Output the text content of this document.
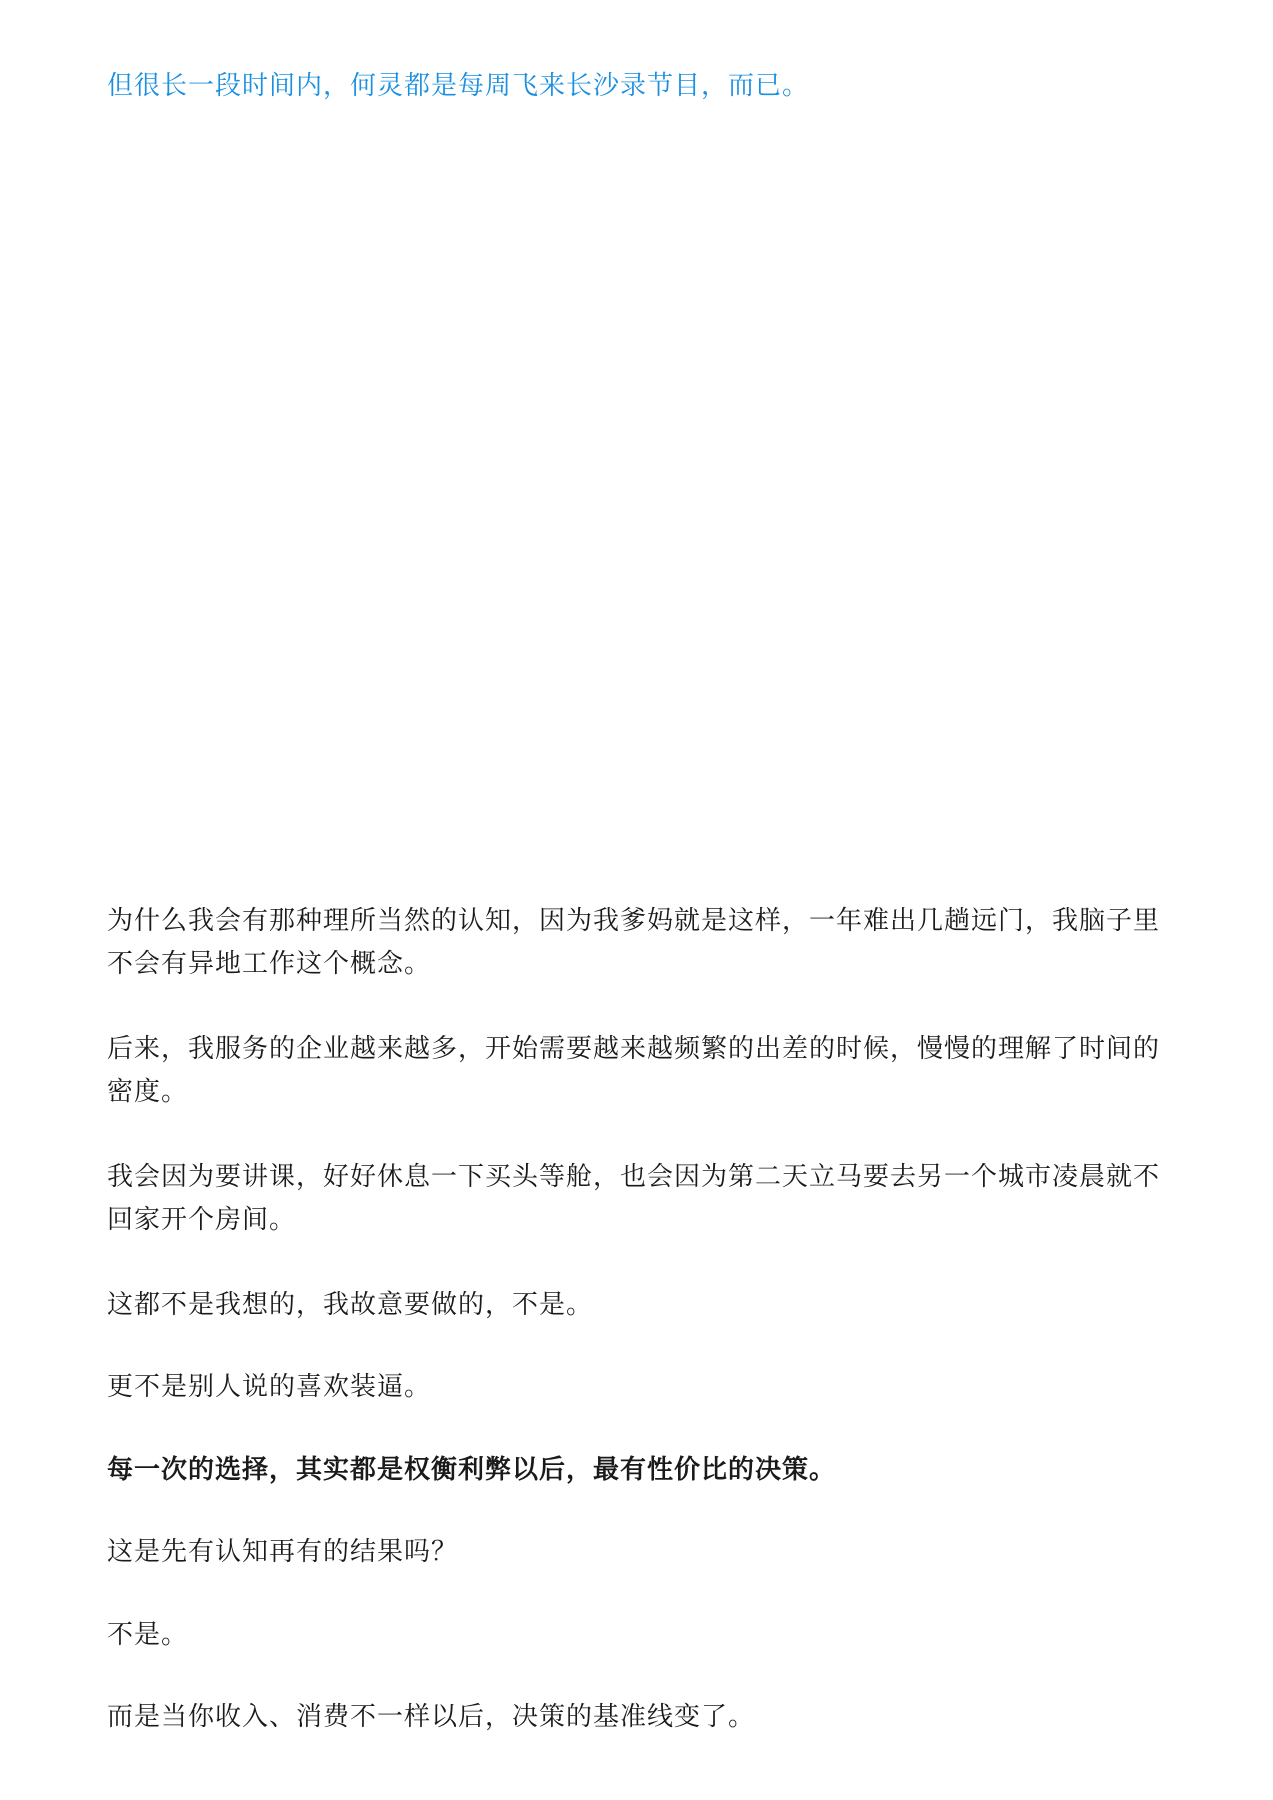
但很长一段时间内，何灵都是每周飞来长沙录节目，而已。

为什么我会有那种理所当然的认知，因为我爹妈就是这样，一年难出几趟远门，我脑子里不会有异地工作这个概念。

后来，我服务的企业越来越多，开始需要越来越频繁的出差的时候，慢慢的理解了时间的密度。

我会因为要讲课，好好休息一下买头等舱，也会因为第二天立马要去另一个城市凌晨就不回家开个房间。

这都不是我想的，我故意要做的，不是。

更不是别人说的喜欢装逼。

每一次的选择，其实都是权衡利弊以后，最有性价比的决策。

这是先有认知再有的结果吗？

不是。

而是当你收入、消费不一样以后，决策的基准线变了。
